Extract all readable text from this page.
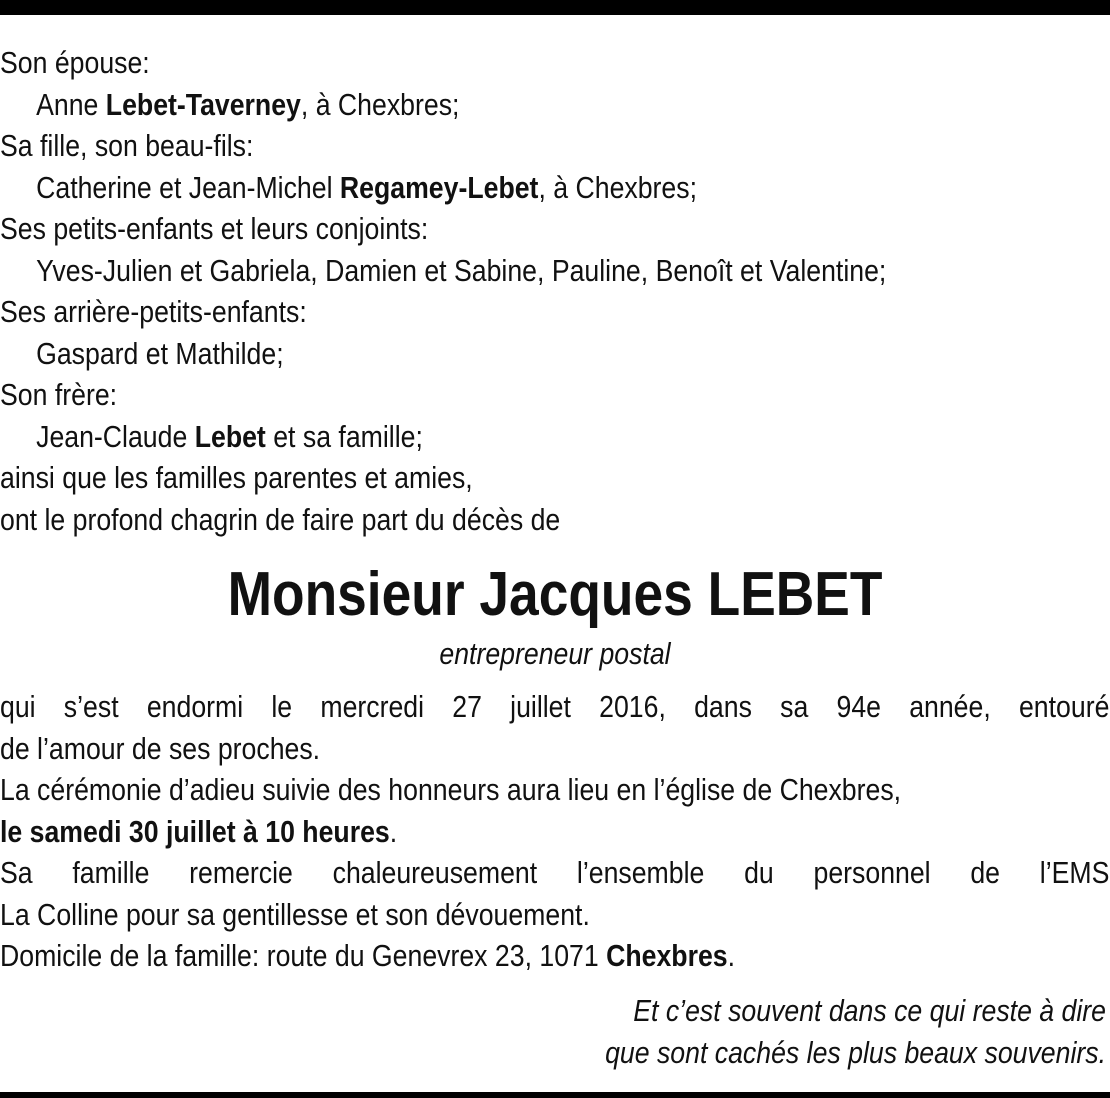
Son épouse:
Anne Lebet-Taverney, à Chexbres;
Sa fille, son beau-fils:
Catherine et Jean-Michel Regamey-Lebet, à Chexbres;
Ses petits-enfants et leurs conjoints:
Yves-Julien et Gabriela, Damien et Sabine, Pauline, Benoît et Valentine;
Ses arrière-petits-enfants:
Gaspard et Mathilde;
Son frère:
Jean-Claude Lebet et sa famille;
ainsi que les familles parentes et amies,
ont le profond chagrin de faire part du décès de
Monsieur Jacques LEBET
entrepreneur postal
qui s’est endormi le mercredi 27 juillet 2016, dans sa 94e année, entouré
de l’amour de ses proches.
La cérémonie d’adieu suivie des honneurs aura lieu en l’église de Chexbres,
le samedi 30 juillet à 10 heures.
Sa famille remercie chaleureusement l’ensemble du personnel de l’EMS
La Colline pour sa gentillesse et son dévouement.
Domicile de la famille: route du Genevrex 23, 1071 Chexbres.
Et c’est souvent dans ce qui reste à dire
que sont cachés les plus beaux souvenirs.
